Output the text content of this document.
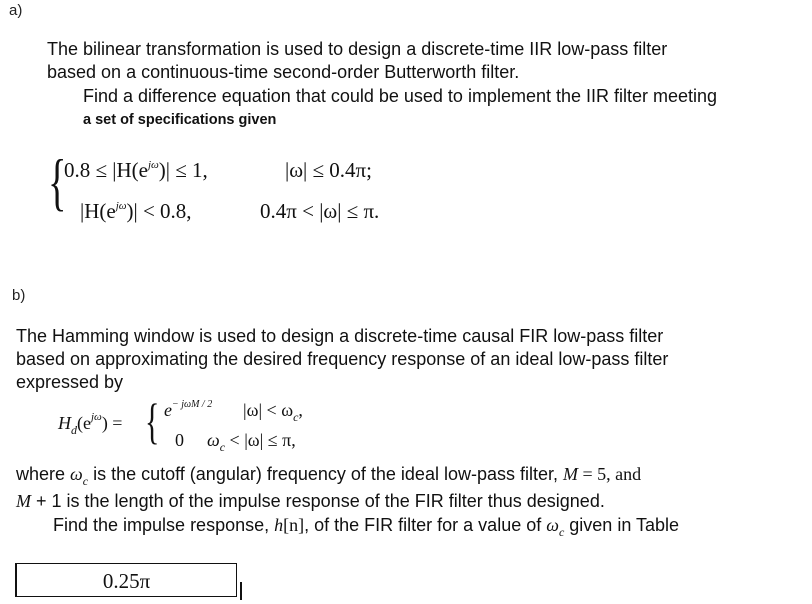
a)
The bilinear transformation is used to design a discrete-time IIR low-pass filter
based on a continuous-time second-order Butterworth filter.
Find a difference equation that could be used to implement the IIR filter meeting
a set of specifications given
{
$0.8 \le |H(e^{j\omega})| \le 1$,	|ω| ≤ 0.4π;
$|H(e^{j\omega})| < 0.8$,	0.4π < |ω| ≤ π.
b)
The Hamming window is used to design a discrete-time causal FIR low-pass filter
based on approximating the desired frequency response of an ideal low-pass filter
expressed by
$H_d(e^{j\omega})$ = { $e^{- j\omega M / 2}$ $|\omega| < \omega_c$,
0 $\omega_c < |\omega| \le \pi$,
where $\omega_c$ is the cutoff (angular) frequency of the ideal low-pass filter, M = 5, and
M + 1 is the length of the impulse response of the FIR filter thus designed.
Find the impulse response, h[n], of the FIR filter for a value of $\omega_c$ given in Table
0.25π
